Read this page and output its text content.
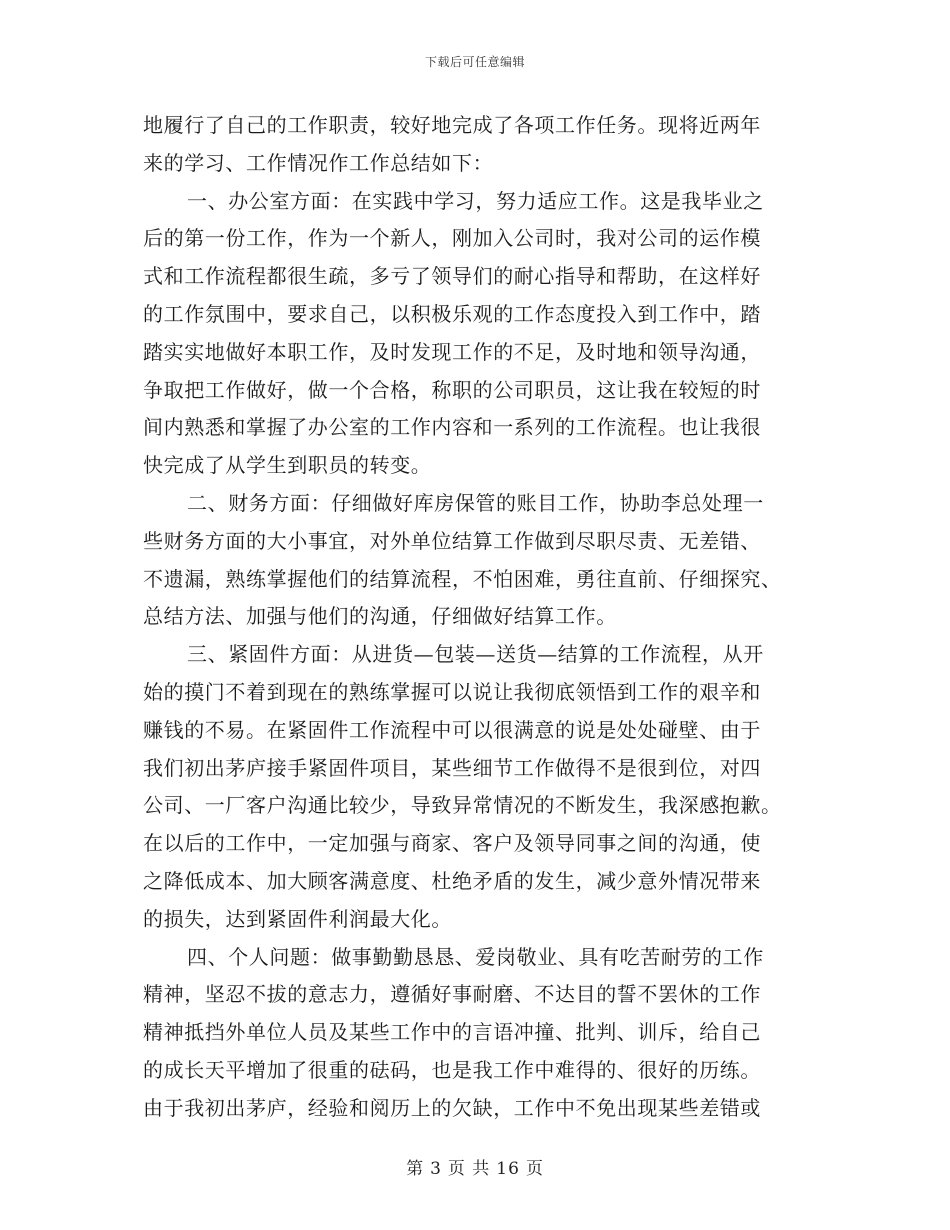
下载后可任意编辑
地履行了自己的工作职责，较好地完成了各项工作任务。现将近两年
来的学习、工作情况作工作总结如下：
一、办公室方面：在实践中学习，努力适应工作。这是我毕业之
后的第一份工作，作为一个新人，刚加入公司时，我对公司的运作模
式和工作流程都很生疏，多亏了领导们的耐心指导和帮助，在这样好
的工作氛围中，要求自己，以积极乐观的工作态度投入到工作中，踏
踏实实地做好本职工作，及时发现工作的不足，及时地和领导沟通，
争取把工作做好，做一个合格，称职的公司职员，这让我在较短的时
间内熟悉和掌握了办公室的工作内容和一系列的工作流程。也让我很
快完成了从学生到职员的转变。
二、财务方面：仔细做好库房保管的账目工作，协助李总处理一
些财务方面的大小事宜，对外单位结算工作做到尽职尽责、无差错、
不遗漏，熟练掌握他们的结算流程，不怕困难，勇往直前、仔细探究、
总结方法、加强与他们的沟通，仔细做好结算工作。
三、紧固件方面：从进货—包装—送货—结算的工作流程，从开
始的摸门不着到现在的熟练掌握可以说让我彻底领悟到工作的艰辛和
赚钱的不易。在紧固件工作流程中可以很满意的说是处处碰壁、由于
我们初出茅庐接手紧固件项目，某些细节工作做得不是很到位，对四
公司、一厂客户沟通比较少，导致异常情况的不断发生，我深感抱歉。
在以后的工作中，一定加强与商家、客户及领导同事之间的沟通，使
之降低成本、加大顾客满意度、杜绝矛盾的发生，减少意外情况带来
的损失，达到紧固件利润最大化。
四、个人问题：做事勤勤恳恳、爱岗敬业、具有吃苦耐劳的工作
精神，坚忍不拔的意志力，遵循好事耐磨、不达目的誓不罢休的工作
精神抵挡外单位人员及某些工作中的言语冲撞、批判、训斥，给自己
的成长天平增加了很重的砝码，也是我工作中难得的、很好的历练。
由于我初出茅庐，经验和阅历上的欠缺，工作中不免出现某些差错或
第 3 页 共 16 页
